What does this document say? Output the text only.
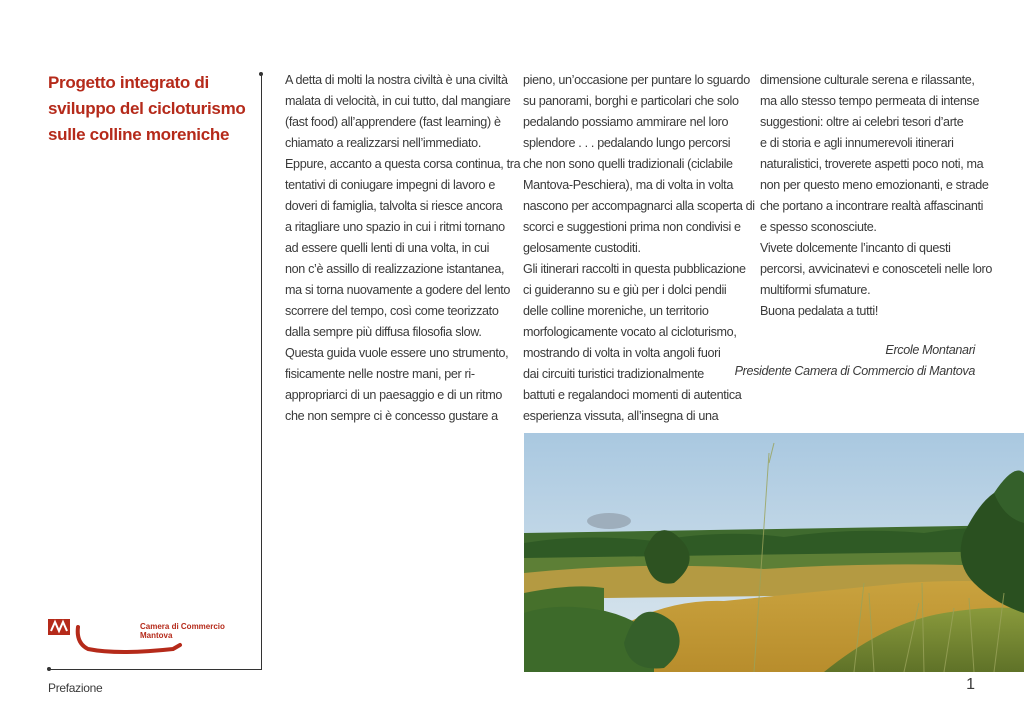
Progetto integrato di
sviluppo del cicloturismo
sulle colline moreniche
A detta di molti la nostra civiltà è una civiltà
malata di velocità, in cui tutto, dal mangiare
(fast food) all’apprendere (fast learning) è
chiamato a realizzarsi nell’immediato.
Eppure, accanto a questa corsa continua, tra
tentativi di coniugare impegni di lavoro e
doveri di famiglia, talvolta si riesce ancora
a ritagliare uno spazio in cui i ritmi tornano
ad essere quelli lenti di una volta, in cui
non c’è assillo di realizzazione istantanea,
ma si torna nuovamente a godere del lento
scorrere del tempo, così come teorizzato
dalla sempre più diffusa filosofia slow.
Questa guida vuole essere uno strumento,
fisicamente nelle nostre mani, per ri-
appropriarci di un paesaggio e di un ritmo
che non sempre ci è concesso gustare a
pieno, un’occasione per puntare lo sguardo
su panorami, borghi e particolari che solo
pedalando possiamo ammirare nel loro
splendore . . . pedalando lungo percorsi
che non sono quelli tradizionali (ciclabile
Mantova-Peschiera), ma di volta in volta
nascono per accompagnarci alla scoperta di
scorci e suggestioni prima non condivisi e
gelosamente custoditi.
Gli itinerari raccolti in questa pubblicazione
ci guideranno su e giù per i dolci pendii
delle colline moreniche, un territorio
morfologicamente vocato al cicloturismo,
mostrando di volta in volta angoli fuori
dai circuiti turistici tradizionalmente
battuti e regalandoci momenti di autentica
esperienza vissuta, all’insegna di una
dimensione culturale serena e rilassante,
ma allo stesso tempo permeata di intense
suggestioni: oltre ai celebri tesori d’arte
e di storia e agli innumerevoli itinerari
naturalistici, troverete aspetti poco noti, ma
non per questo meno emozionanti, e strade
che portano a incontrare realtà affascinanti
e spesso sconosciute.
Vivete dolcemente l’incanto di questi
percorsi, avvicinatevi e conosceteli nelle loro
multiformi sfumature.
Buona pedalata a tutti!
Ercole Montanari
Presidente Camera di Commercio di Mantova
Camera di Commercio
Mantova
Prefazione	1
